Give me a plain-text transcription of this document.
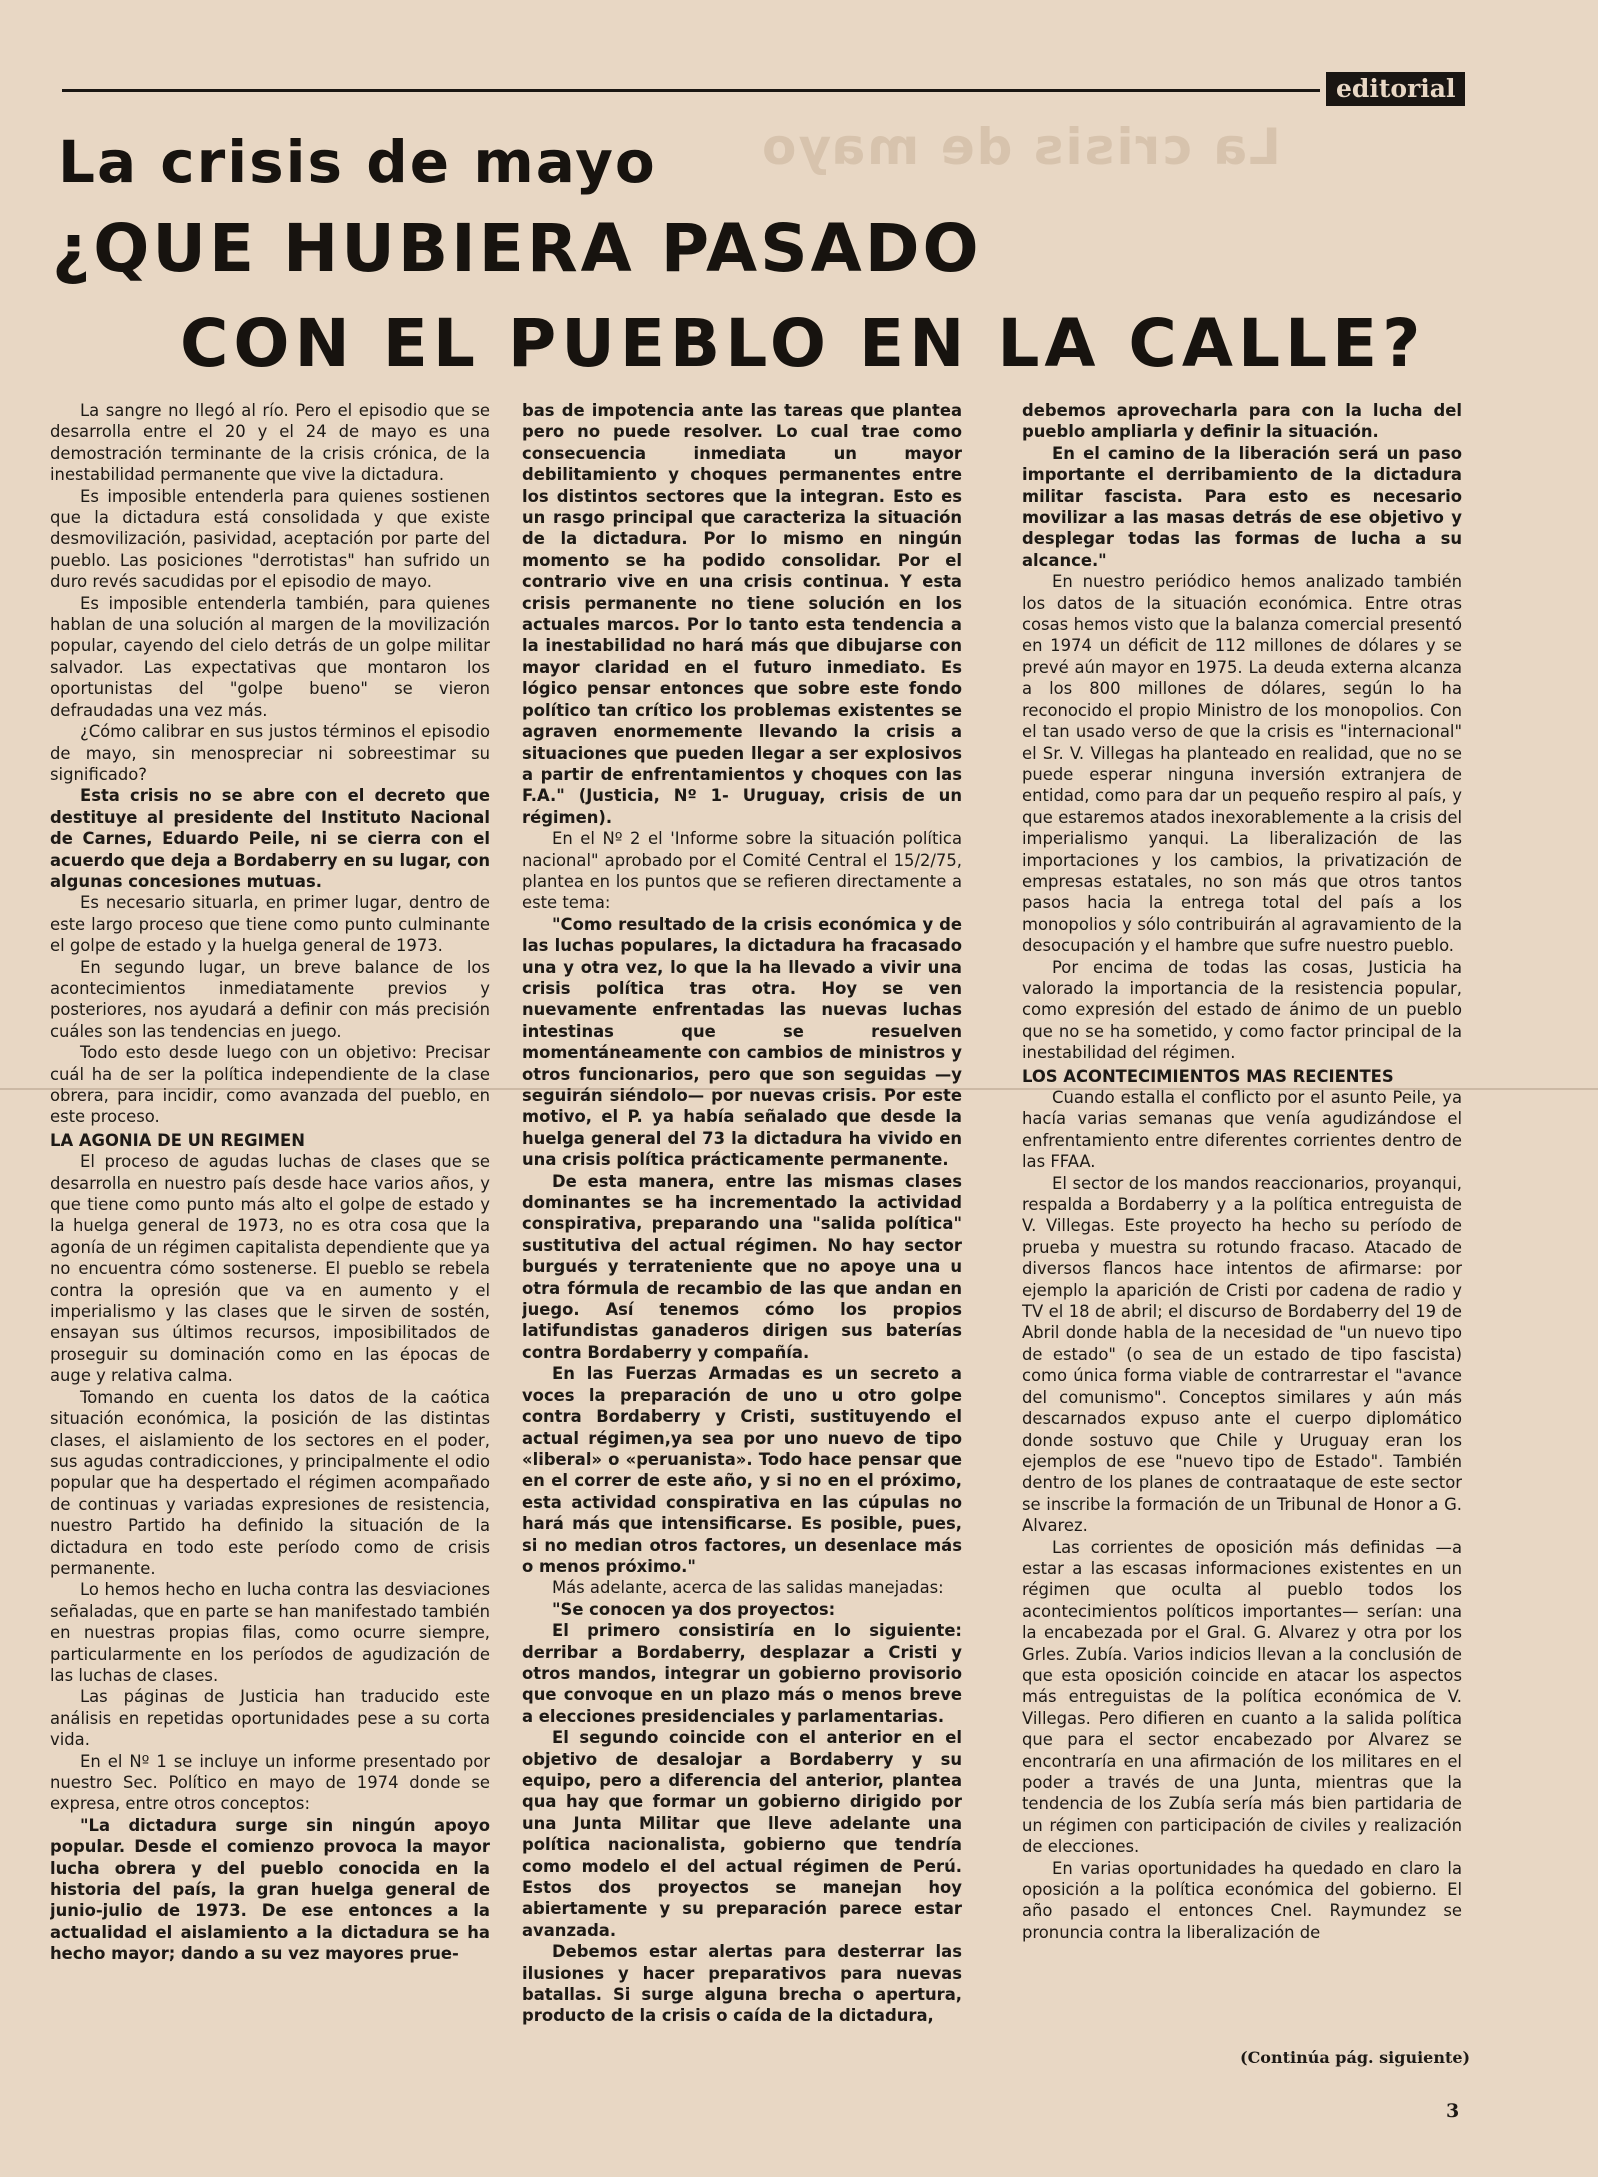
editorial
La crisis de mayo
La crisis de mayo
¿QUE HUBIERA PASADO
CON EL PUEBLO EN LA CALLE?

La sangre no llegó al río. Pero el episodio que se desarrolla entre el 20 y el 24 de mayo es una demostración terminante de la crisis crónica, de la inestabilidad permanente que vive la dictadura.

Es imposible entenderla para quienes sostienen que la dictadura está consolidada y que existe desmovilización, pasividad, aceptación por parte del pueblo. Las posiciones "derrotistas" han sufrido un duro revés sacudidas por el episodio de mayo.

Es imposible entenderla también, para quienes hablan de una solución al margen de la movilización popular, cayendo del cielo detrás de un golpe militar salvador. Las expectativas que montaron los oportunistas del "golpe bueno" se vieron defraudadas una vez más.

¿Cómo calibrar en sus justos términos el episodio de mayo, sin menospreciar ni sobreestimar su significado?

Esta crisis no se abre con el decreto que destituye al presidente del Instituto Nacional de Carnes, Eduardo Peile, ni se cierra con el acuerdo que deja a Bordaberry en su lugar, con algunas concesiones mutuas.

Es necesario situarla, en primer lugar, dentro de este largo proceso que tiene como punto culminante el golpe de estado y la huelga general de 1973.

En segundo lugar, un breve balance de los acontecimientos inmediatamente previos y posteriores, nos ayudará a definir con más precisión cuáles son las tendencias en juego.

Todo esto desde luego con un objetivo: Precisar cuál ha de ser la política independiente de la clase obrera, para incidir, como avanzada del pueblo, en este proceso.

LA AGONIA DE UN REGIMEN

El proceso de agudas luchas de clases que se desarrolla en nuestro país desde hace varios años, y que tiene como punto más alto el golpe de estado y la huelga general de 1973, no es otra cosa que la agonía de un régimen capitalista dependiente que ya no encuentra cómo sostenerse. El pueblo se rebela contra la opresión que va en aumento y el imperialismo y las clases que le sirven de sostén, ensayan sus últimos recursos, imposibilitados de proseguir su dominación como en las épocas de auge y relativa calma.

Tomando en cuenta los datos de la caótica situación económica, la posición de las distintas clases, el aislamiento de los sectores en el poder, sus agudas contradicciones, y principalmente el odio popular que ha despertado el régimen acompañado de continuas y variadas expresiones de resistencia, nuestro Partido ha definido la situación de la dictadura en todo este período como de crisis permanente.

Lo hemos hecho en lucha contra las desviaciones señaladas, que en parte se han manifestado también en nuestras propias filas, como ocurre siempre, particularmente en los períodos de agudización de las luchas de clases.

Las páginas de Justicia han traducido este análisis en repetidas oportunidades pese a su corta vida.

En el Nº 1 se incluye un informe presentado por nuestro Sec. Político en mayo de 1974 donde se expresa, entre otros conceptos:

"La dictadura surge sin ningún apoyo popular. Desde el comienzo provoca la mayor lucha obrera y del pueblo conocida en la historia del país, la gran huelga general de junio-julio de 1973. De ese entonces a la actualidad el aislamiento a la dictadura se ha hecho mayor; dando a su vez mayores prue-

bas de impotencia ante las tareas que plantea pero no puede resolver. Lo cual trae como consecuencia inmediata un mayor debilitamiento y choques permanentes entre los distintos sectores que la integran. Esto es un rasgo principal que caracteriza la situación de la dictadura. Por lo mismo en ningún momento se ha podido consolidar. Por el contrario vive en una crisis continua. Y esta crisis permanente no tiene solución en los actuales marcos. Por lo tanto esta tendencia a la inestabilidad no hará más que dibujarse con mayor claridad en el futuro inmediato. Es lógico pensar entonces que sobre este fondo político tan crítico los problemas existentes se agraven enormemente llevando la crisis a situaciones que pueden llegar a ser explosivos a partir de enfrentamientos y choques con las F.A." (Justicia, Nº 1- Uruguay, crisis de un régimen).

En el Nº 2 el 'Informe sobre la situación política nacional" aprobado por el Comité Central el 15/2/75, plantea en los puntos que se refieren directamente a este tema:

"Como resultado de la crisis económica y de las luchas populares, la dictadura ha fracasado una y otra vez, lo que la ha llevado a vivir una crisis política tras otra. Hoy se ven nuevamente enfrentadas las nuevas luchas intestinas que se resuelven momentáneamente con cambios de ministros y otros funcionarios, pero que son seguidas —y seguirán siéndolo— por nuevas crisis. Por este motivo, el P. ya había señalado que desde la huelga general del 73 la dictadura ha vivido en una crisis política prácticamente permanente.

De esta manera, entre las mismas clases dominantes se ha incrementado la actividad conspirativa, preparando una "salida política" sustitutiva del actual régimen. No hay sector burgués y terrateniente que no apoye una u otra fórmula de recambio de las que andan en juego. Así tenemos cómo los propios latifundistas ganaderos dirigen sus baterías contra Bordaberry y compañía.

En las Fuerzas Armadas es un secreto a voces la preparación de uno u otro golpe contra Bordaberry y Cristi, sustituyendo el actual régimen,ya sea por uno nuevo de tipo «liberal» o «peruanista». Todo hace pensar que en el correr de este año, y si no en el próximo, esta actividad conspirativa en las cúpulas no hará más que intensificarse. Es posible, pues, si no median otros factores, un desenlace más o menos próximo."

Más adelante, acerca de las salidas manejadas:

"Se conocen ya dos proyectos:

El primero consistiría en lo siguiente: derribar a Bordaberry, desplazar a Cristi y otros mandos, integrar un gobierno provisorio que convoque en un plazo más o menos breve a elecciones presidenciales y parlamentarias.

El segundo coincide con el anterior en el objetivo de desalojar a Bordaberry y su equipo, pero a diferencia del anterior, plantea qua hay que formar un gobierno dirigido por una Junta Militar que lleve adelante una política nacionalista, gobierno que tendría como modelo el del actual régimen de Perú. Estos dos proyectos se manejan hoy abiertamente y su preparación parece estar avanzada.

Debemos estar alertas para desterrar las ilusiones y hacer preparativos para nuevas batallas. Si surge alguna brecha o apertura, producto de la crisis o caída de la dictadura,

debemos aprovecharla para con la lucha del pueblo ampliarla y definir la situación.

En el camino de la liberación será un paso importante el derribamiento de la dictadura militar fascista. Para esto es necesario movilizar a las masas detrás de ese objetivo y desplegar todas las formas de lucha a su alcance."

En nuestro periódico hemos analizado también los datos de la situación económica. Entre otras cosas hemos visto que la balanza comercial presentó en 1974 un déficit de 112 millones de dólares y se prevé aún mayor en 1975. La deuda externa alcanza a los 800 millones de dólares, según lo ha reconocido el propio Ministro de los monopolios. Con el tan usado verso de que la crisis es "internacional" el Sr. V. Villegas ha planteado en realidad, que no se puede esperar ninguna inversión extranjera de entidad, como para dar un pequeño respiro al país, y que estaremos atados inexorablemente a la crisis del imperialismo yanqui. La liberalización de las importaciones y los cambios, la privatización de empresas estatales, no son más que otros tantos pasos hacia la entrega total del país a los monopolios y sólo contribuirán al agravamiento de la desocupación y el hambre que sufre nuestro pueblo.

Por encima de todas las cosas, Justicia ha valorado la importancia de la resistencia popular, como expresión del estado de ánimo de un pueblo que no se ha sometido, y como factor principal de la inestabilidad del régimen.

LOS ACONTECIMIENTOS MAS RECIENTES

Cuando estalla el conflicto por el asunto Peile, ya hacía varias semanas que venía agudizándose el enfrentamiento entre diferentes corrientes dentro de las FFAA.

El sector de los mandos reaccionarios, proyanqui, respalda a Bordaberry y a la política entreguista de V. Villegas. Este proyecto ha hecho su período de prueba y muestra su rotundo fracaso. Atacado de diversos flancos hace intentos de afirmarse: por ejemplo la aparición de Cristi por cadena de radio y TV el 18 de abril; el discurso de Bordaberry del 19 de Abril donde habla de la necesidad de "un nuevo tipo de estado" (o sea de un estado de tipo fascista) como única forma viable de contrarrestar el "avance del comunismo". Conceptos similares y aún más descarnados expuso ante el cuerpo diplomático donde sostuvo que Chile y Uruguay eran los ejemplos de ese "nuevo tipo de Estado". También dentro de los planes de contraataque de este sector se inscribe la formación de un Tribunal de Honor a G. Alvarez.

Las corrientes de oposición más definidas —a estar a las escasas informaciones existentes en un régimen que oculta al pueblo todos los acontecimientos políticos importantes— serían: una la encabezada por el Gral. G. Alvarez y otra por los Grles. Zubía. Varios indicios llevan a la conclusión de que esta oposición coincide en atacar los aspectos más entreguistas de la política económica de V. Villegas. Pero difieren en cuanto a la salida política que para el sector encabezado por Alvarez se encontraría en una afirmación de los militares en el poder a través de una Junta, mientras que la tendencia de los Zubía sería más bien partidaria de un régimen con participación de civiles y realización de elecciones.

En varias oportunidades ha quedado en claro la oposición a la política económica del gobierno. El año pasado el entonces Cnel. Raymundez se pronuncia contra la liberalización de

(Continúa pág. siguiente)
3
